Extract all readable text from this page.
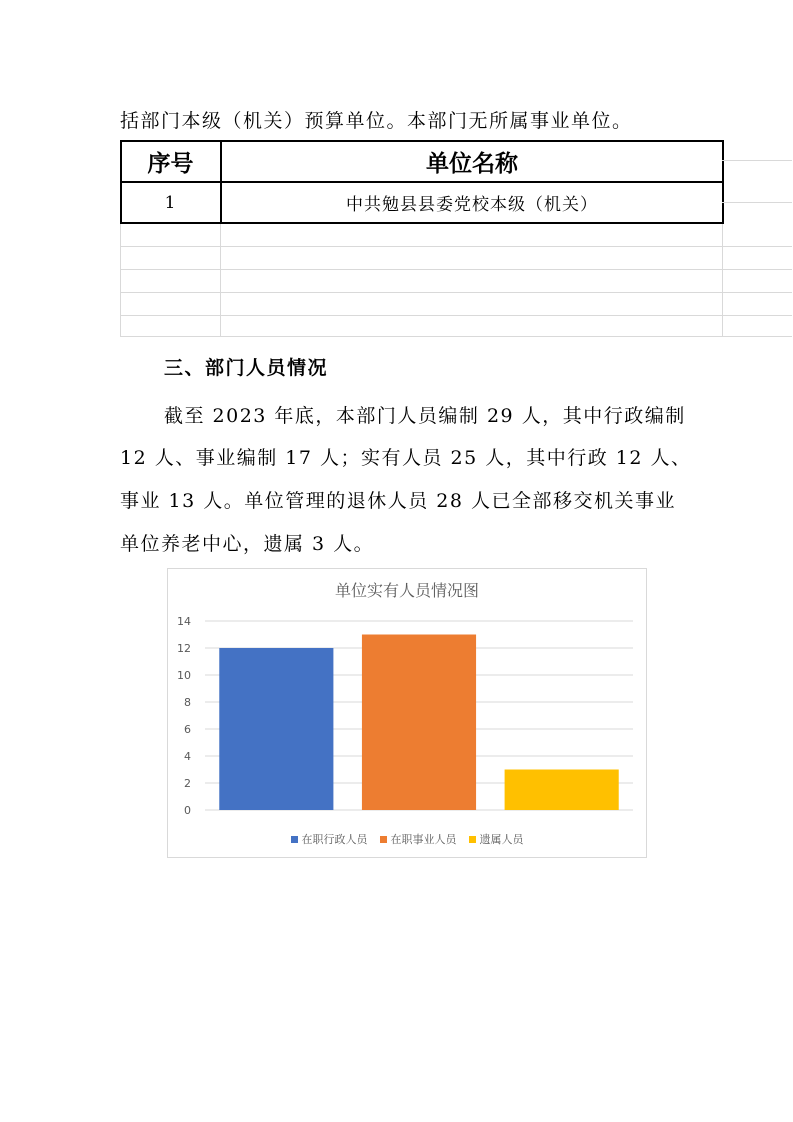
括部门本级（机关）预算单位。本部门无所属事业单位。
序号	单位名称
1	中共勉县县委党校本级（机关）
三、部门人员情况
截至 2023 年底，本部门人员编制 29 人，其中行政编制
12 人、事业编制 17 人；实有人员 25 人，其中行政 12 人、
事业 13 人。单位管理的退休人员 28 人已全部移交机关事业
单位养老中心，遗属 3 人。
单位实有人员情况图
0
2
4
6
8
10
12
14
在职行政人员 在职事业人员 遗属人员
